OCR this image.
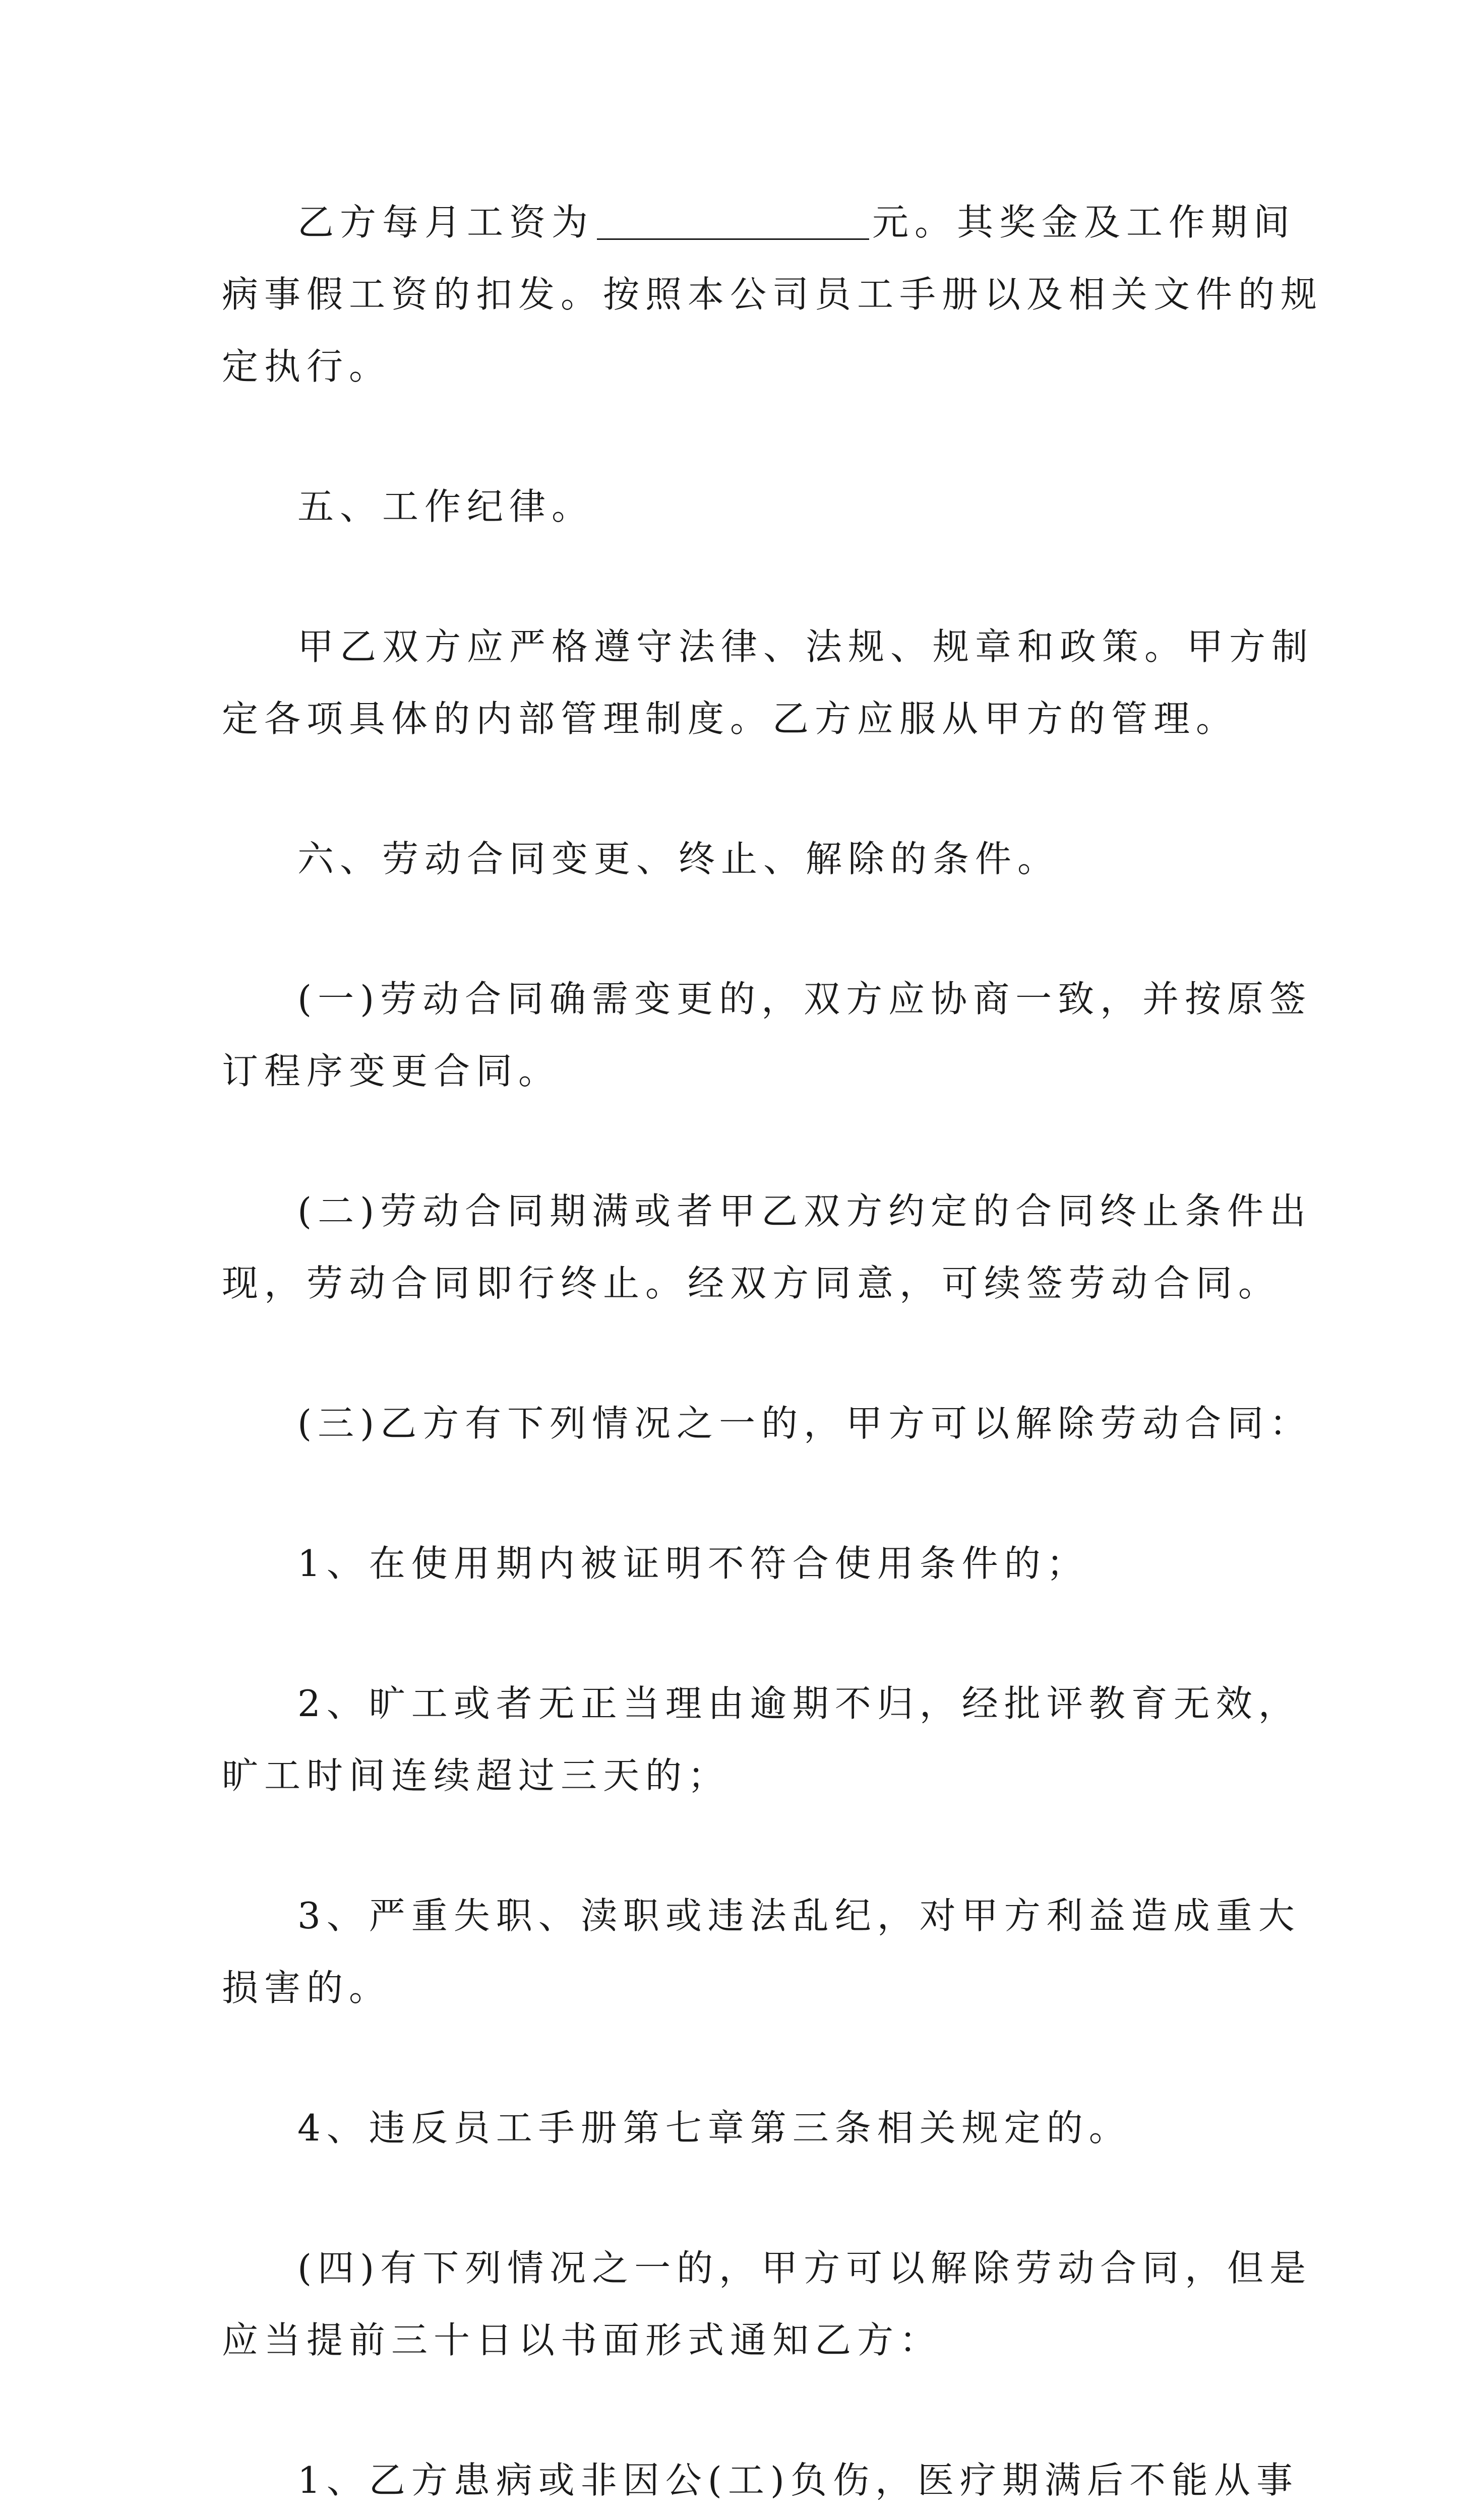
乙方每月工资为	元。其奖金及工作期间
病事假工资的扣发。按照本公司员工手册以及相关文件的规
定执行。
五、工作纪律。
甲乙双方应严格遵守法律、法规、规章和政策。甲方制
定各项具体的内部管理制度。乙方应服从甲方的管理。
六、劳动合同变更、终止、解除的条件。
(一)劳动合同确需变更的，双方应协商一致，并按原签
订程序变更合同。
(二)劳动合同期满或者甲乙双方约定的合同终止条件出
现，劳动合同即行终止。经双方同意，可续签劳动合同。
(三)乙方有下列情况之一的，甲方可以解除劳动合同：
1、在使用期内被证明不符合使用条件的；
2、旷工或者无正当理由逾期不归，经批评教育无效，
旷工时间连续超过三天的；
3、严重失职、渎职或违法乱纪，对甲方利益造成重大
损害的。
4、违反员工手册第七章第三条相关规定的。
(四)有下列情况之一的，甲方可以解除劳动合同，但是
应当提前三十日以书面形式通知乙方：
1、乙方患病或非因公(工)负伤，医疗期满后不能从事
